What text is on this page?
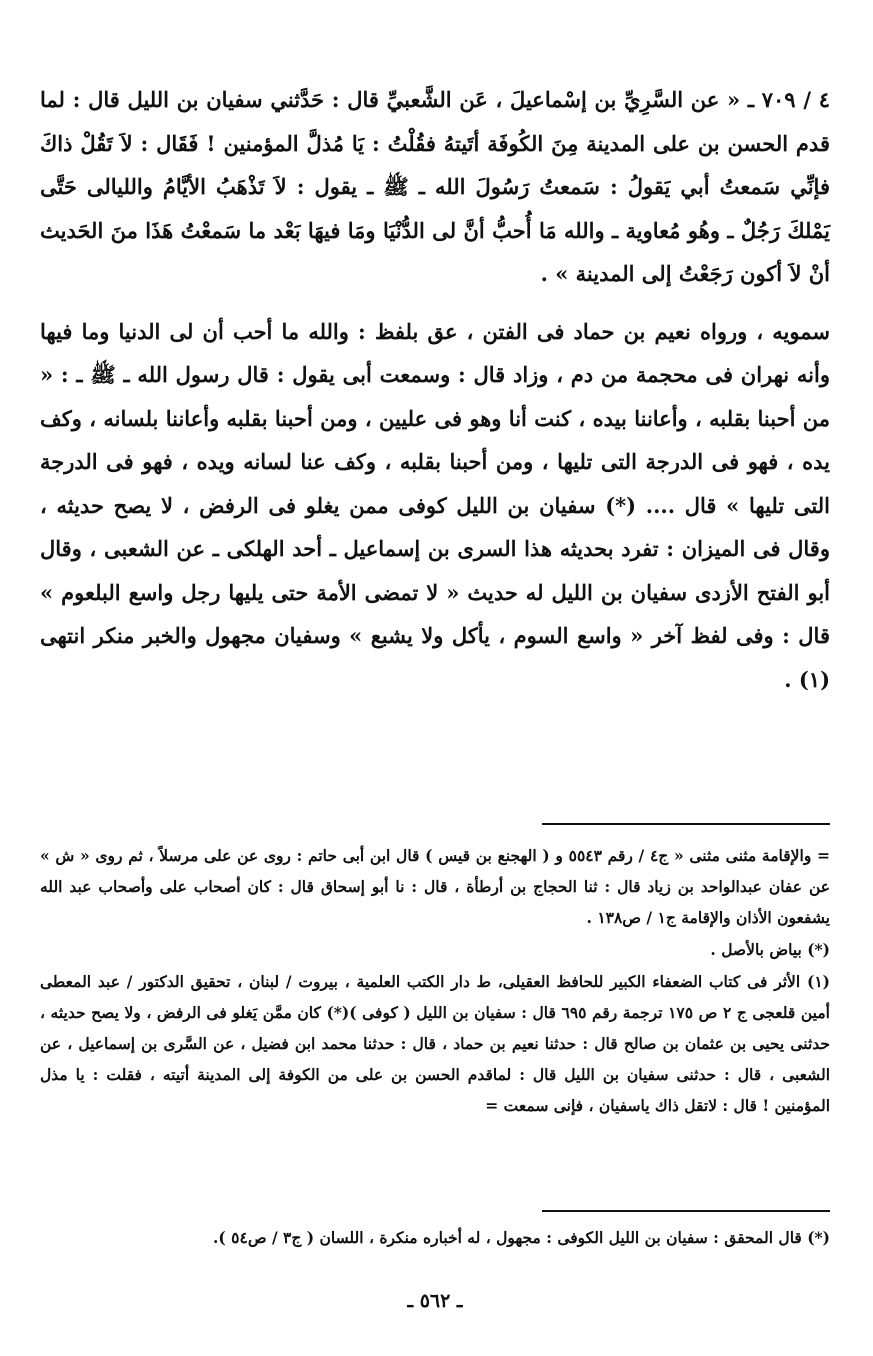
٤ / ٧٠٩ ـ « عن السَّرِيِّ بن إسْماعيلَ ، عَن الشَّعبيِّ قال : حَدَّثني سفيان بن الليل قال : لما قدم الحسن بن على المدينة مِنَ الكُوفَة أتَيتهُ فقُلْتُ : يَا مُذلَّ المؤمنين ! فَقَال : لاَ تَقُلْ ذاكَ فإنِّي سَمعتُ أبي يَقولُ : سَمعتُ رَسُولَ الله ـ ﷺ ـ يقول : لاَ تَذْهَبُ الأيَّامُ والليالى حَتَّى يَمْلكَ رَجُلٌ ـ وهُو مُعاوية ـ والله مَا أُحبُّ أنَّ لى الدُّنْيَا ومَا فيهَا بَعْد ما سَمعْتُ هَذَا منَ الحَديث أنْ لاَ أكون رَجَعْتُ إلى المدينة » .

سمويه ، ورواه نعيم بن حماد فى الفتن ، عق بلفظ : والله ما أحب أن لى الدنيا وما فيها وأنه نهران فى محجمة من دم ، وزاد قال : وسمعت أبى يقول : قال رسول الله ـ ﷺ ـ : « من أحبنا بقلبه ، وأعاننا بيده ، كنت أنا وهو فى عليين ، ومن أحبنا بقلبه وأعاننا بلسانه ، وكف يده ، فهو فى الدرجة التى تليها ، ومن أحبنا بقلبه ، وكف عنا لسانه ويده ، فهو فى الدرجة التى تليها » قال .... (*) سفيان بن الليل كوفى ممن يغلو فى الرفض ، لا يصح حديثه ، وقال فى الميزان : تفرد بحديثه هذا السرى بن إسماعيل ـ أحد الهلكى ـ عن الشعبى ، وقال أبو الفتح الأزدى سفيان بن الليل له حديث « لا تمضى الأمة حتى يليها رجل واسع البلعوم » قال : وفى لفظ آخر « واسع السوم ، يأكل ولا يشبع » وسفيان مجهول والخبر منكر انتهى (١) .

= والإقامة مثنى مثنى « ج٤ / رقم ٥٥٤٣ و ( الهجنع بن قيس ) قال ابن أبى حاتم : روى عن على مرسلاً ، ثم روى « ش » عن عفان عبدالواحد بن زياد قال : ثنا الحجاج بن أرطأة ، قال : نا أبو إسحاق قال : كان أصحاب على وأصحاب عبد الله يشفعون الأذان والإقامة ج١ / ص١٣٨ .

(*) بياض بالأصل .

(١) الأثر فى كتاب الضعفاء الكبير للحافظ العقيلى، ط دار الكتب العلمية ، بيروت / لبنان ، تحقيق الدكتور / عبد المعطى أمين قلعجى ج ٢ ص ١٧٥ ترجمة رقم ٦٩٥ قال : سفيان بن الليل ( كوفى )(*) كان ممَّن يَغلو فى الرفض ، ولا يصح حديثه ، حدثنى يحيى بن عثمان بن صالح قال : حدثنا نعيم بن حماد ، قال : حدثنا محمد ابن فضيل ، عن السَّرى بن إسماعيل ، عن الشعبى ، قال : حدثنى سفيان بن الليل قال : لماقدم الحسن بن على من الكوفة إلى المدينة أتيته ، فقلت : يا مذل المؤمنين ! قال : لاتقل ذاك ياسفيان ، فإنى سمعت =

(*) قال المحقق : سفيان بن الليل الكوفى : مجهول ، له أخباره منكرة ، اللسان ( ج٣ / ص٥٤ ).

ـ ٥٦٢ ـ
